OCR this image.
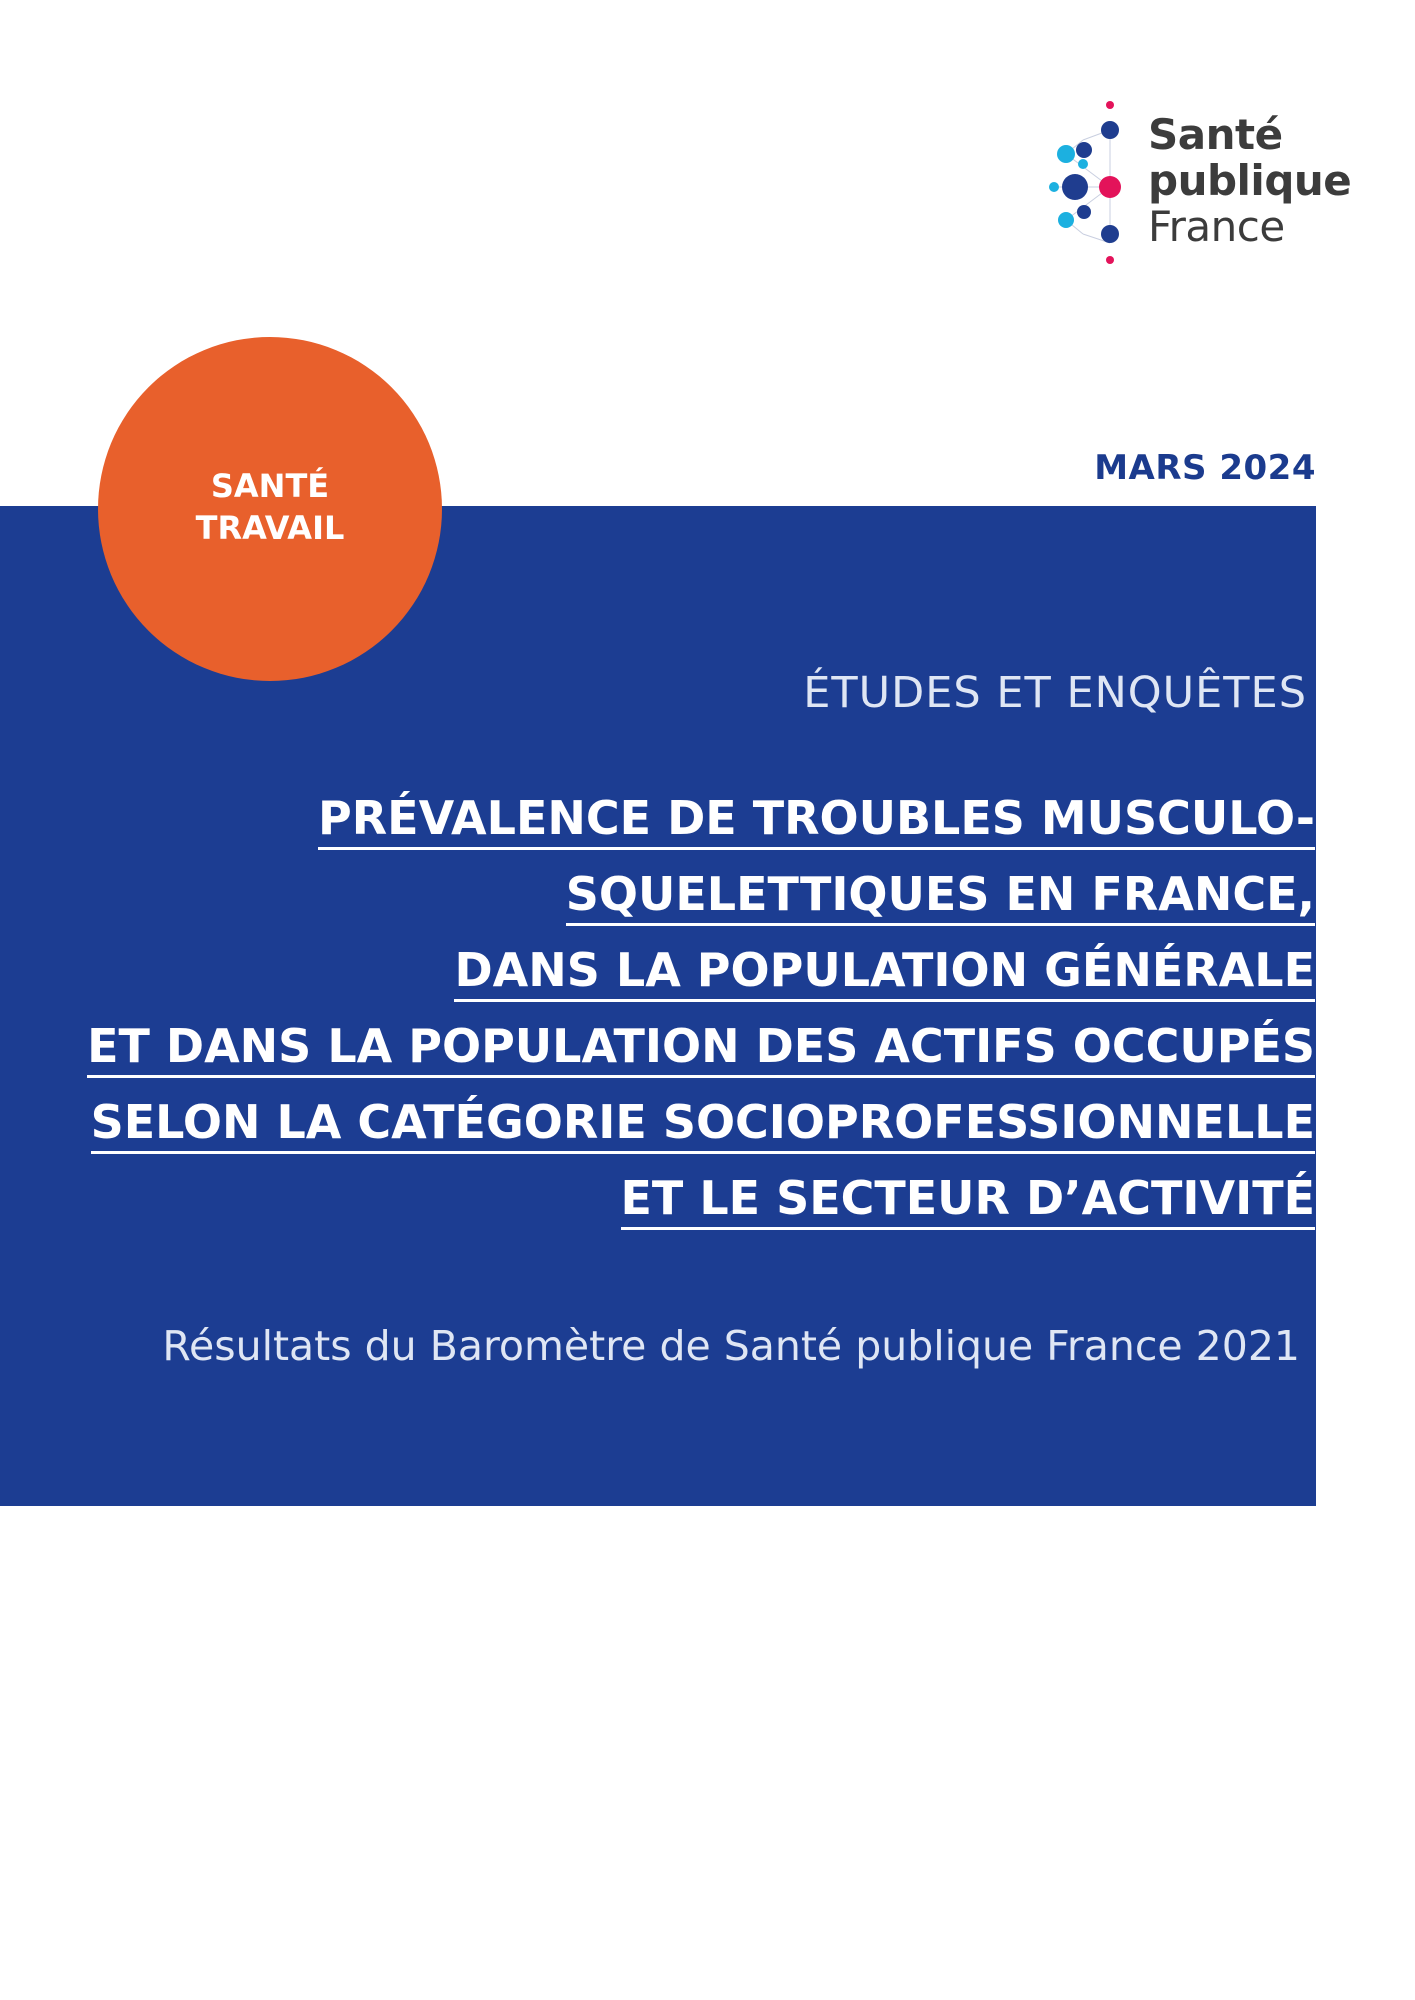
Santé
publique
France
MARS 2024
SANTÉ
TRAVAIL
ÉTUDES ET ENQUÊTES
PRÉVALENCE DE TROUBLES MUSCULO-
SQUELETTIQUES EN FRANCE,
DANS LA POPULATION GÉNÉRALE
ET DANS LA POPULATION DES ACTIFS OCCUPÉS
SELON LA CATÉGORIE SOCIOPROFESSIONNELLE
ET LE SECTEUR D’ACTIVITÉ
Résultats du Baromètre de Santé publique France 2021
